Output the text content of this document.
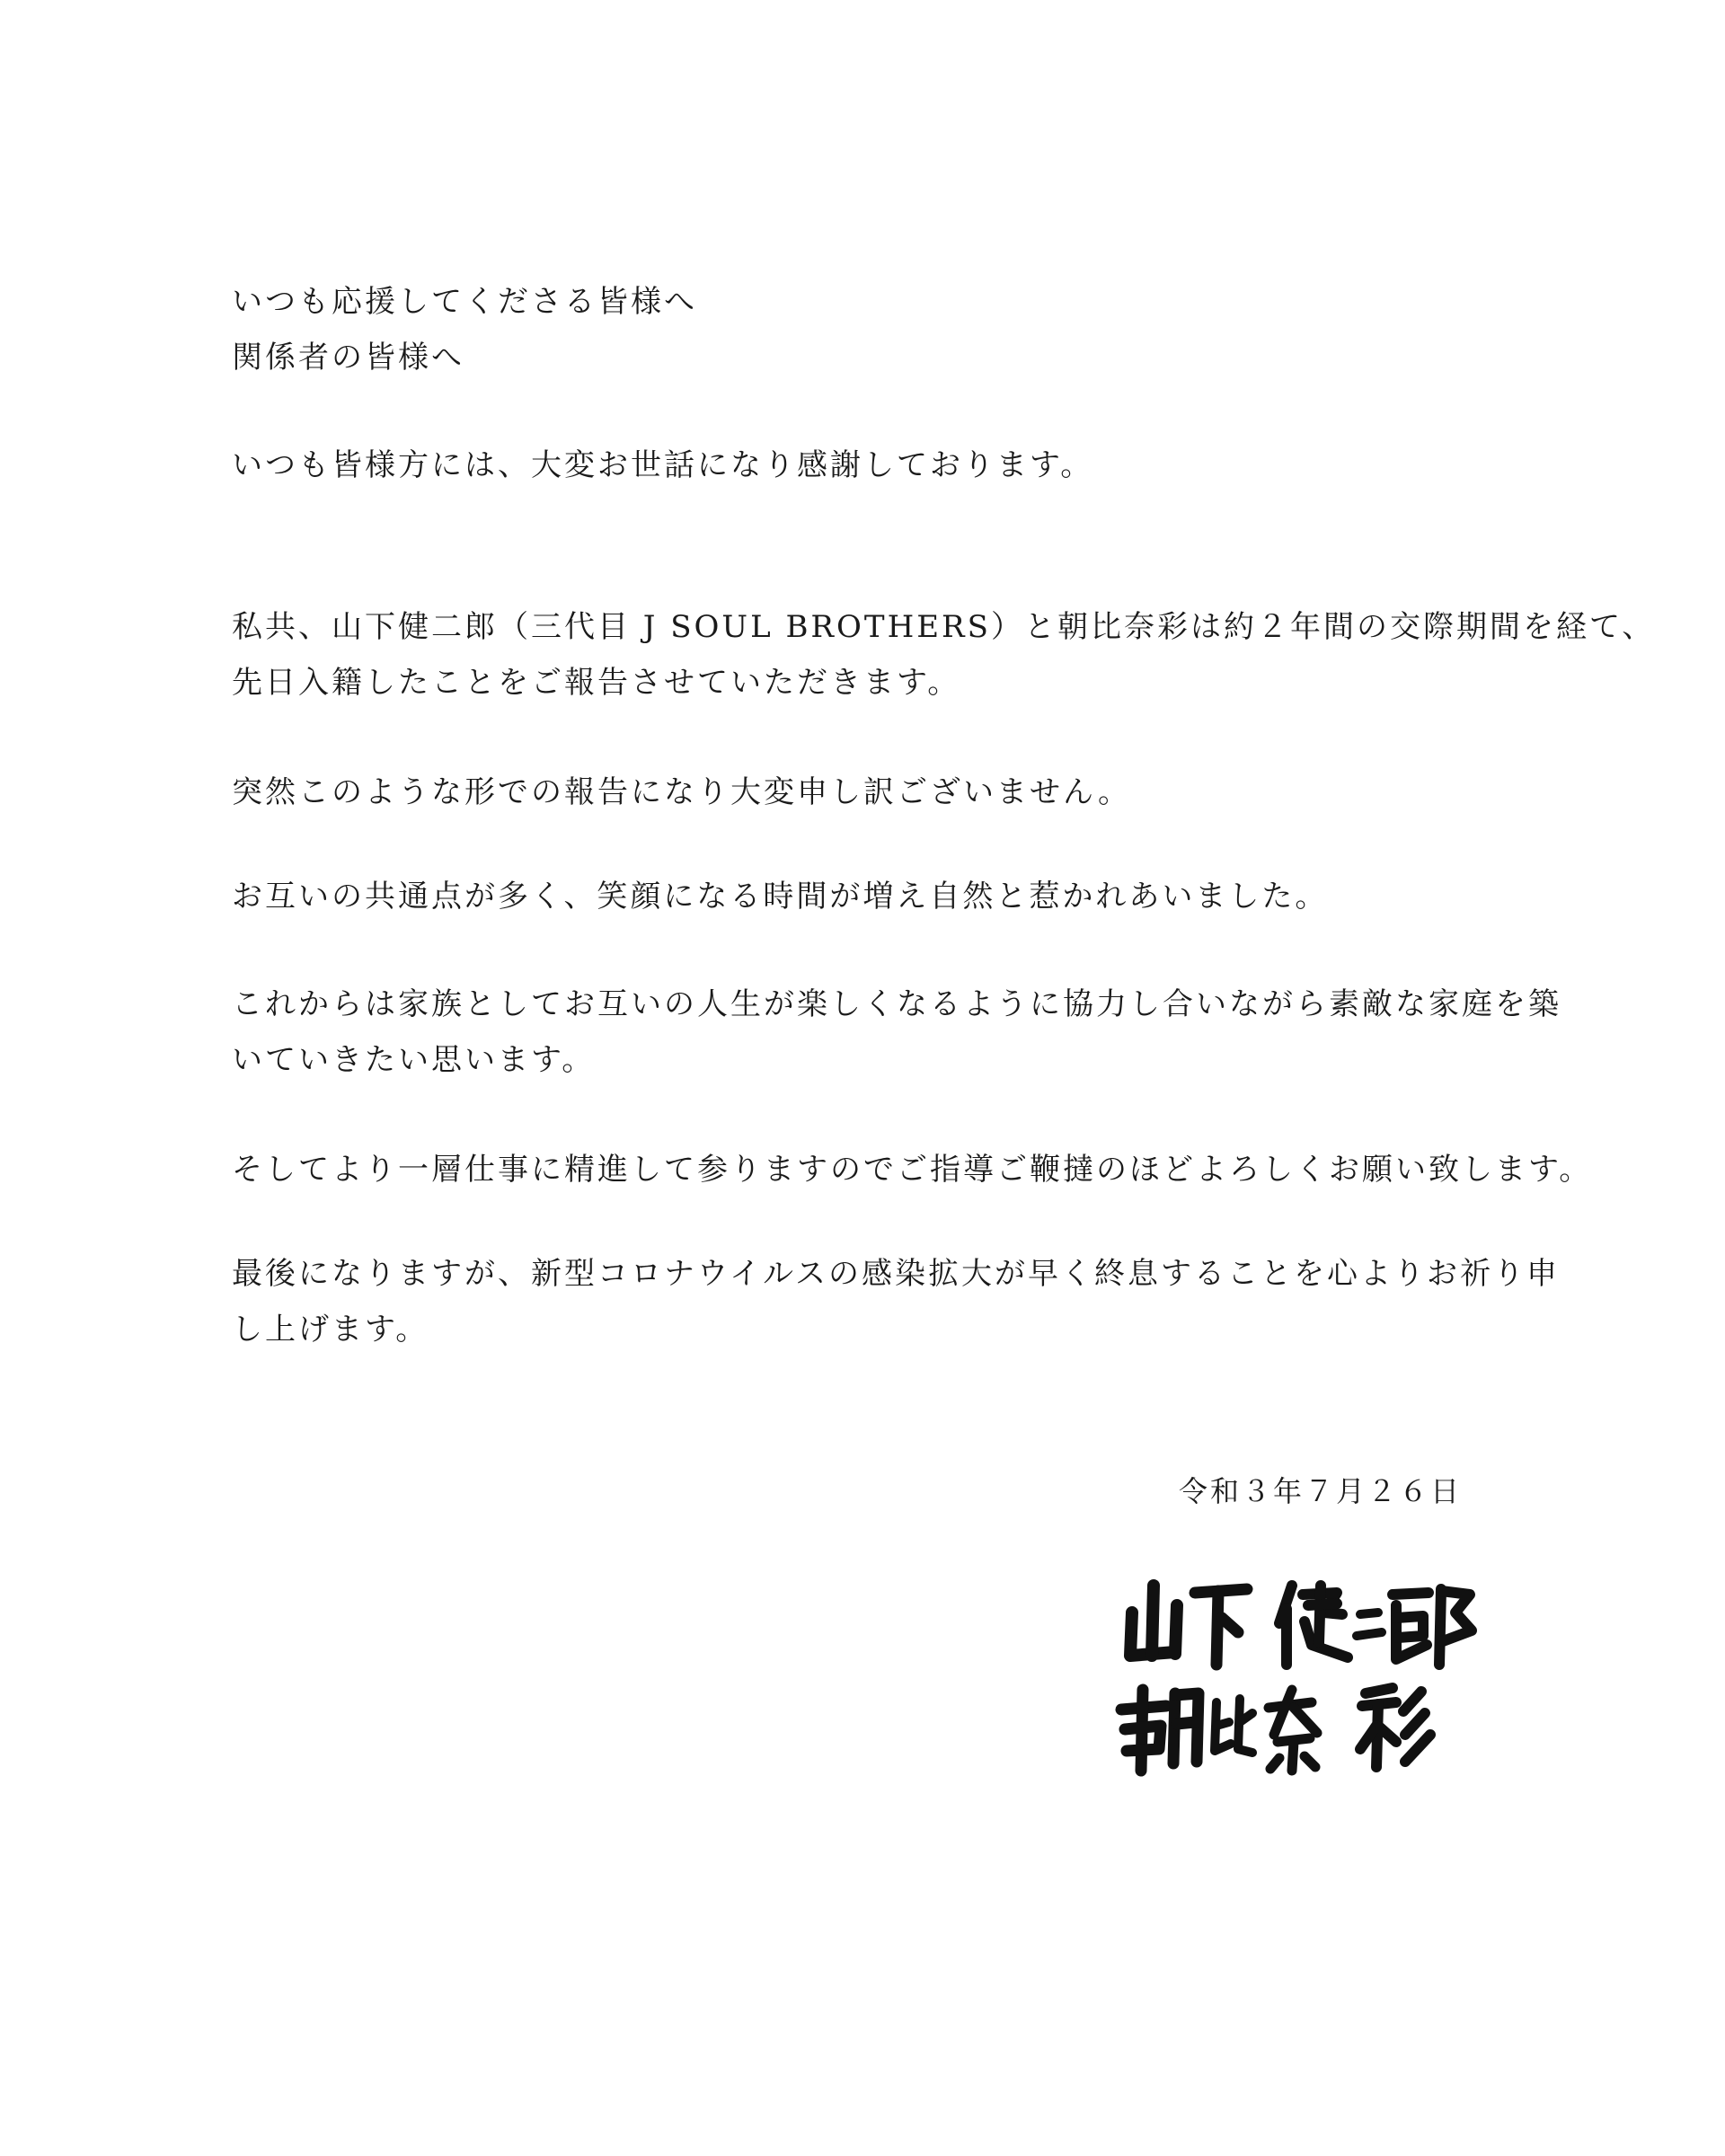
いつも応援してくださる皆様へ
関係者の皆様へ
いつも皆様方には、大変お世話になり感謝しております。
私共、山下健二郎（三代目 J SOUL BROTHERS）と朝比奈彩は約２年間の交際期間を経て、
先日入籍したことをご報告させていただきます。
突然このような形での報告になり大変申し訳ございません。
お互いの共通点が多く、笑顔になる時間が増え自然と惹かれあいました。
これからは家族としてお互いの人生が楽しくなるように協力し合いながら素敵な家庭を築
いていきたい思います。
そしてより一層仕事に精進して参りますのでご指導ご鞭撻のほどよろしくお願い致します。
最後になりますが、新型コロナウイルスの感染拡大が早く終息することを心よりお祈り申
し上げます。
令和３年７月２６日
